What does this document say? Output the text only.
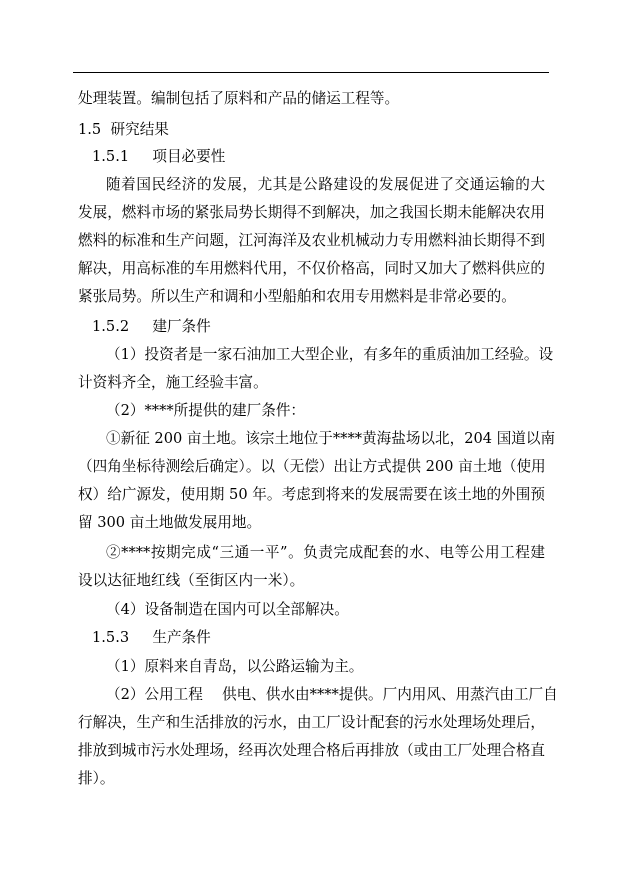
处理装置。编制包括了原料和产品的储运工程等。
1.5 研究结果
1.5.1 项目必要性
随着国民经济的发展，尤其是公路建设的发展促进了交通运输的大
发展，燃料市场的紧张局势长期得不到解决，加之我国长期未能解决农用
燃料的标准和生产问题，江河海洋及农业机械动力专用燃料油长期得不到
解决，用高标准的车用燃料代用，不仅价格高，同时又加大了燃料供应的
紧张局势。所以生产和调和小型船舶和农用专用燃料是非常必要的。
1.5.2 建厂条件
（1）投资者是一家石油加工大型企业，有多年的重质油加工经验。设
计资料齐全，施工经验丰富。
（2）****所提供的建厂条件：
①新征 200 亩土地。该宗土地位于****黄海盐场以北，204 国道以南
（四角坐标待测绘后确定）。以（无偿）出让方式提供 200 亩土地（使用
权）给广源发，使用期 50 年。考虑到将来的发展需要在该土地的外围预
留 300 亩土地做发展用地。
②****按期完成“三通一平”。负责完成配套的水、电等公用工程建
设以达征地红线（至街区内一米）。
（4）设备制造在国内可以全部解决。
1.5.3 生产条件
（1）原料来自青岛，以公路运输为主。
（2）公用工程　 供电、供水由****提供。厂内用风、用蒸汽由工厂自
行解决，生产和生活排放的污水，由工厂设计配套的污水处理场处理后，
排放到城市污水处理场，经再次处理合格后再排放（或由工厂处理合格直
排）。
